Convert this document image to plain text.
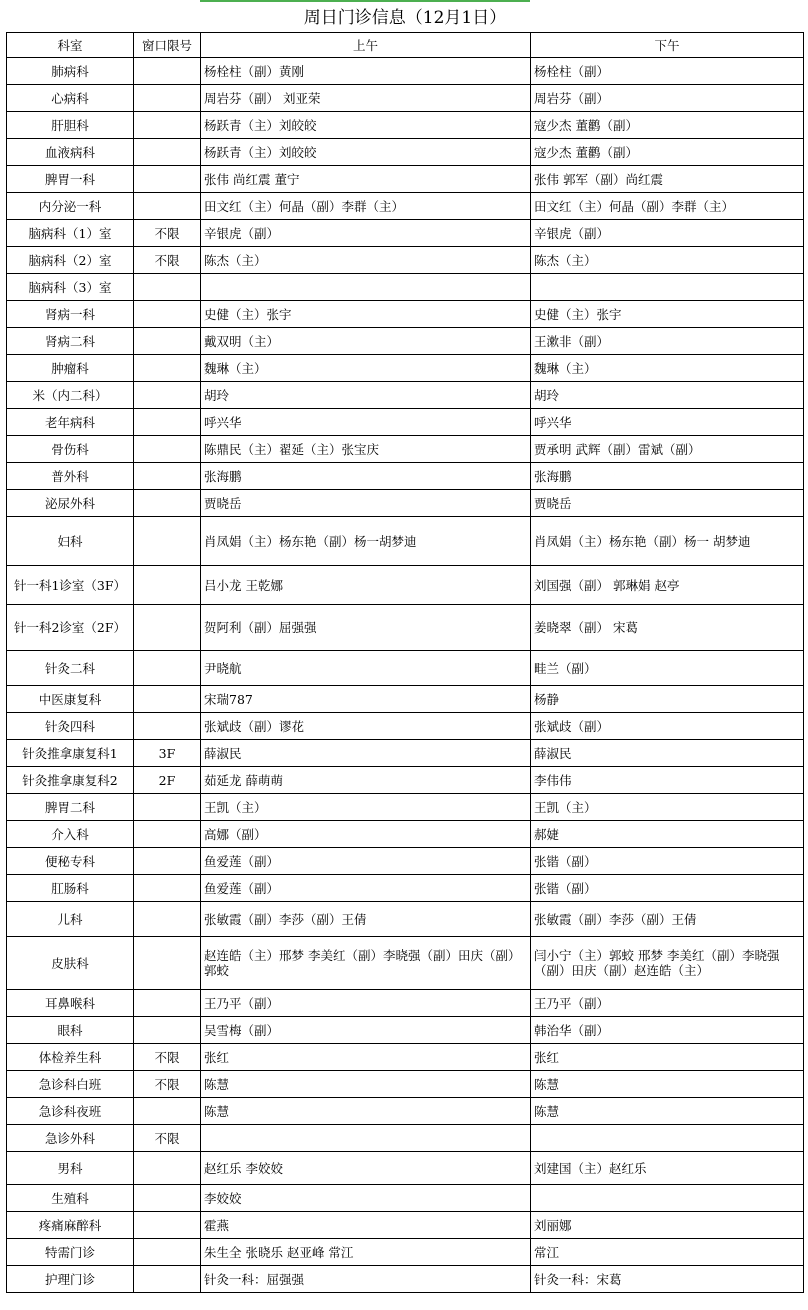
周日门诊信息（12月1日）			
科室	窗口限号	上午	下午
肺病科		杨栓柱（副）黄刚	杨栓柱（副）
心病科		周岩芬（副） 刘亚荣	周岩芬（副）
肝胆科		杨跃青（主）刘皎皎	寇少杰 董鹳（副）
血液病科		杨跃青（主）刘皎皎	寇少杰 董鹳（副）
脾胃一科		张伟 尚红震 董宁	张伟 郭军（副）尚红震
内分泌一科		田文红（主）何晶（副）李群（主）	田文红（主）何晶（副）李群（主）
脑病科（1）室	不限	辛银虎（副）	辛银虎（副）
脑病科（2）室	不限	陈杰（主）	陈杰（主）
脑病科（3）室			
肾病一科		史健（主）张宇	史健（主）张宇
肾病二科		戴双明（主）	王漱非（副）
肿瘤科		魏琳（主）	魏琳（主）
米（内二科）		胡玲	胡玲
老年病科		呼兴华	呼兴华
骨伤科		陈鼎民（主）翟延（主）张宝庆	贾承明 武辉（副）雷斌（副）
普外科		张海鹏	张海鹏
泌尿外科		贾晓岳	贾晓岳
妇科		肖凤娟（主）杨东艳（副）杨一胡梦迪	肖凤娟（主）杨东艳（副）杨一 胡梦迪
针一科1诊室（3F）		吕小龙 王乾娜	刘国强（副） 郭琳娟 赵亭
针一科2诊室（2F）		贺阿利（副）屈强强	姜晓翠（副） 宋葛
针灸二科		尹晓航	畦兰（副）
中医康复科		宋瑞787	杨静
针灸四科		张斌歧（副）谬花	张斌歧（副）
针灸推拿康复科1	3F	薛淑民	薛淑民
针灸推拿康复科2	2F	茹延龙 薛萌萌	李伟伟
脾胃二科		王凯（主）	王凯（主）
介入科		高娜（副）	郝婕
便秘专科		鱼爱莲（副）	张锴（副）
肛肠科		鱼爱莲（副）	张锴（副）
儿科		张敏霞（副）李莎（副）王倩	张敏霞（副）李莎（副）王倩
皮肤科		赵连皓（主）邢梦 李美红（副）李晓强（副）田庆（副）郭蛟	闫小宁（主）郭蛟 邢梦 李美红（副）李晓强（副）田庆（副）赵连皓（主）
耳鼻喉科		王乃平（副）	王乃平（副）
眼科		吴雪梅（副）	韩治华（副）
体检养生科	不限	张红	张红
急诊科白班	不限	陈慧	陈慧
急诊科夜班		陈慧	陈慧
急诊外科	不限		
男科		赵红乐 李姣姣	刘建国（主）赵红乐
生殖科		李姣姣	
疼痛麻醉科		霍燕	刘丽娜
特需门诊		朱生全 张晓乐 赵亚峰 常江	常江
护理门诊		针灸一科：屈强强	针灸一科：宋葛
